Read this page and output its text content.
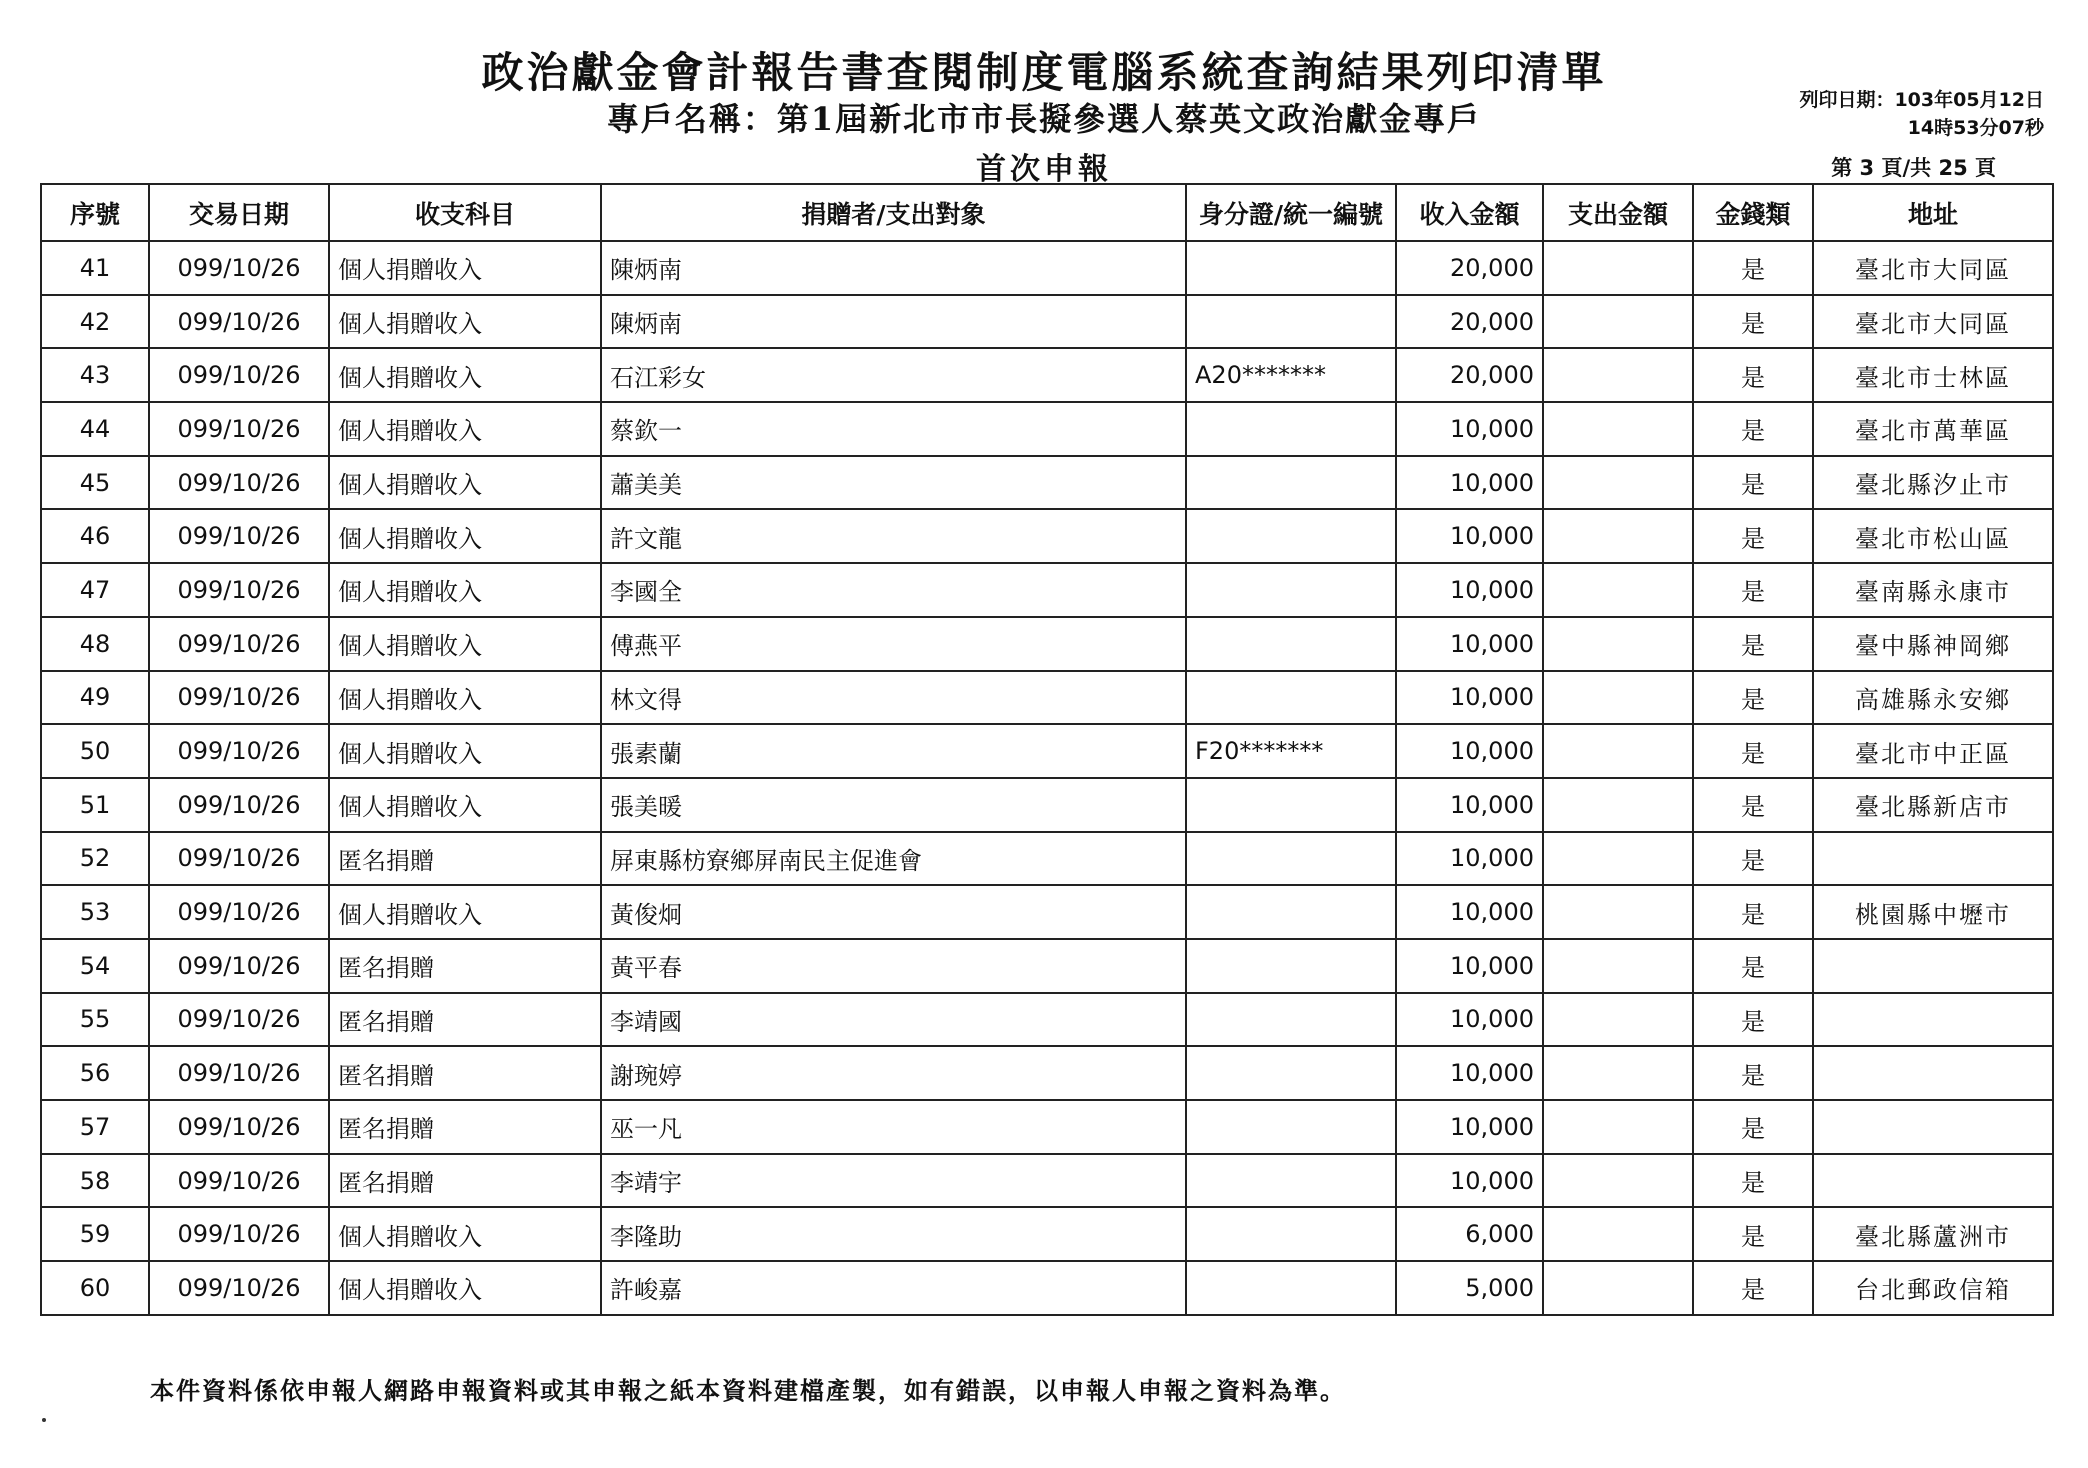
政治獻金會計報告書查閱制度電腦系統查詢結果列印清單
專戶名稱：第1屆新北市市長擬參選人蔡英文政治獻金專戶
首次申報
列印日期：103年05月12日
14時53分07秒
第 3 頁/共 25 頁
序號	交易日期	收支科目	捐贈者/支出對象	身分證/統一編號	收入金額	支出金額	金錢類	地址
41	099/10/26	個人捐贈收入	陳炳南		20,000		是	臺北市大同區
42	099/10/26	個人捐贈收入	陳炳南		20,000		是	臺北市大同區
43	099/10/26	個人捐贈收入	石江彩女	A20*******	20,000		是	臺北市士林區
44	099/10/26	個人捐贈收入	蔡欽一		10,000		是	臺北市萬華區
45	099/10/26	個人捐贈收入	蕭美美		10,000		是	臺北縣汐止市
46	099/10/26	個人捐贈收入	許文龍		10,000		是	臺北市松山區
47	099/10/26	個人捐贈收入	李國全		10,000		是	臺南縣永康市
48	099/10/26	個人捐贈收入	傅燕平		10,000		是	臺中縣神岡鄉
49	099/10/26	個人捐贈收入	林文得		10,000		是	高雄縣永安鄉
50	099/10/26	個人捐贈收入	張素蘭	F20*******	10,000		是	臺北市中正區
51	099/10/26	個人捐贈收入	張美暖		10,000		是	臺北縣新店市
52	099/10/26	匿名捐贈	屏東縣枋寮鄉屏南民主促進會		10,000		是	
53	099/10/26	個人捐贈收入	黃俊炯		10,000		是	桃園縣中壢市
54	099/10/26	匿名捐贈	黃平春		10,000		是	
55	099/10/26	匿名捐贈	李靖國		10,000		是	
56	099/10/26	匿名捐贈	謝琬婷		10,000		是	
57	099/10/26	匿名捐贈	巫一凡		10,000		是	
58	099/10/26	匿名捐贈	李靖宇		10,000		是	
59	099/10/26	個人捐贈收入	李隆助		6,000		是	臺北縣蘆洲市
60	099/10/26	個人捐贈收入	許峻嘉		5,000		是	台北郵政信箱
本件資料係依申報人網路申報資料或其申報之紙本資料建檔產製，如有錯誤，以申報人申報之資料為準。
